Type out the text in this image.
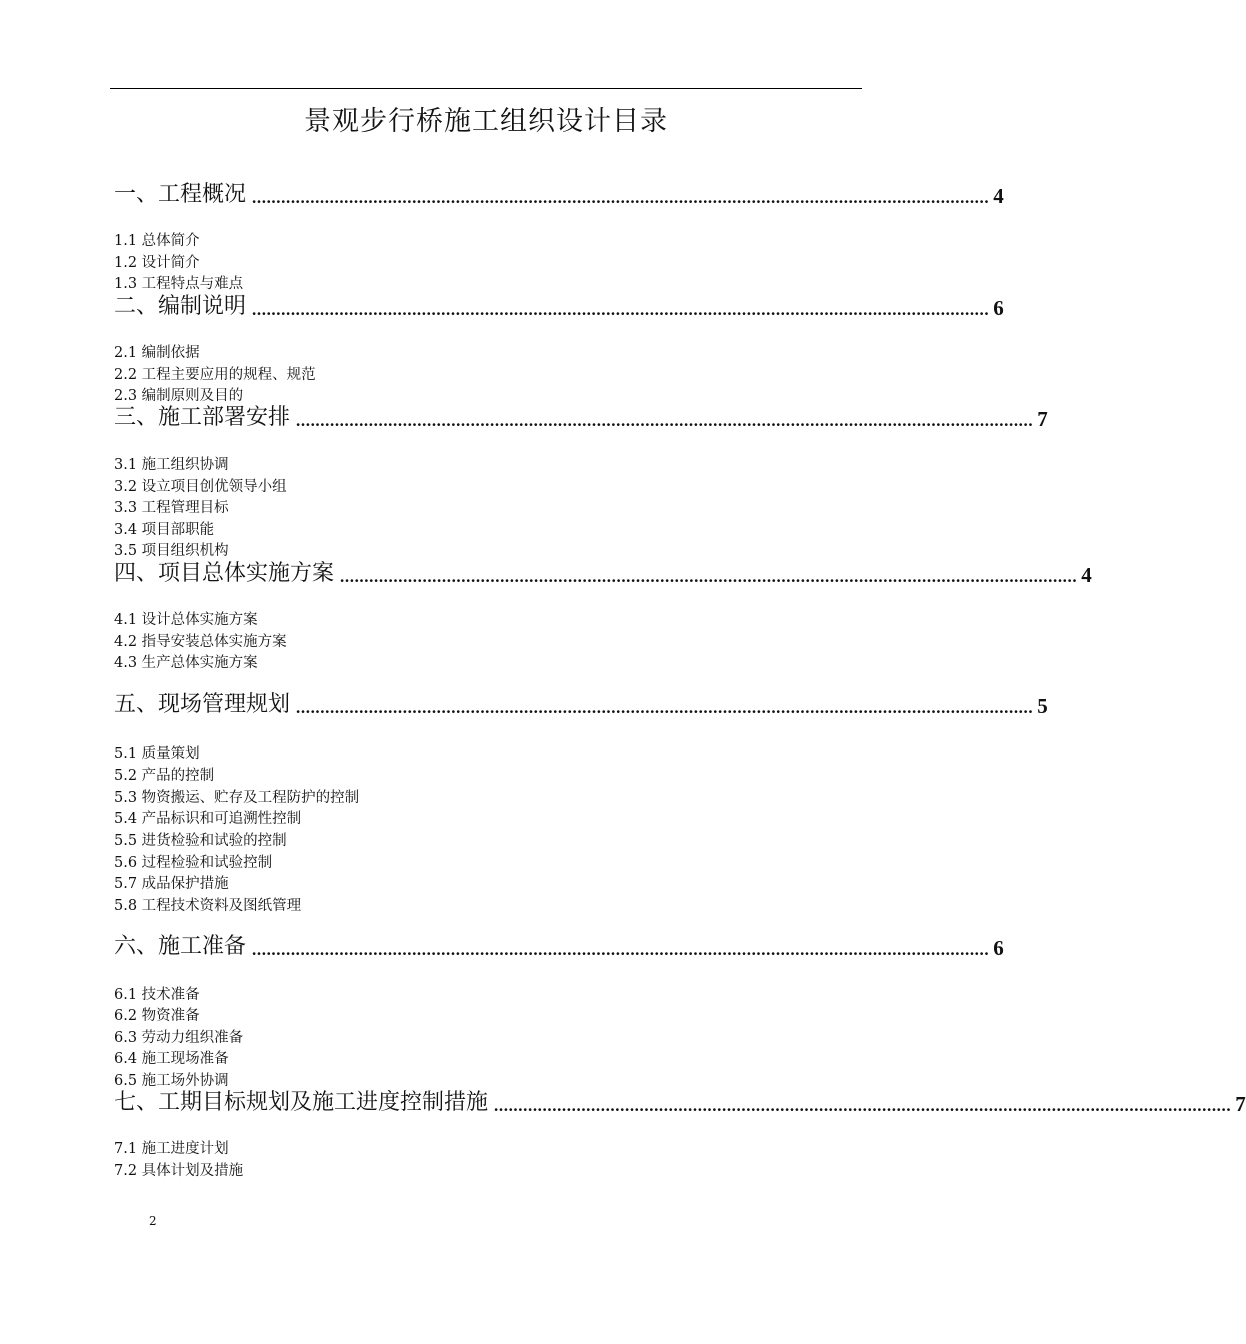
景观步行桥施工组织设计目录
一、工程概况 ........................................................................................................................................................ 4
1.1 总体简介
1.2 设计简介
1.3 工程特点与难点
二、编制说明 ........................................................................................................................................................ 6
2.1 编制依据
2.2 工程主要应用的规程、规范
2.3 编制原则及目的
三、施工部署安排 ........................................................................................................................................................ 7
3.1 施工组织协调
3.2 设立项目创优领导小组
3.3 工程管理目标
3.4 项目部职能
3.5 项目组织机构
四、项目总体实施方案 ........................................................................................................................................................ 4
4.1 设计总体实施方案
4.2 指导安装总体实施方案
4.3 生产总体实施方案
五、现场管理规划 ........................................................................................................................................................ 5
5.1 质量策划
5.2 产品的控制
5.3 物资搬运、贮存及工程防护的控制
5.4 产品标识和可追溯性控制
5.5 进货检验和试验的控制
5.6 过程检验和试验控制
5.7 成品保护措施
5.8 工程技术资料及图纸管理
六、施工准备 ........................................................................................................................................................ 6
6.1 技术准备
6.2 物资准备
6.3 劳动力组织准备
6.4 施工现场准备
6.5 施工场外协调
七、工期目标规划及施工进度控制措施 ........................................................................................................................................................ 7
7.1 施工进度计划
7.2 具体计划及措施
2
